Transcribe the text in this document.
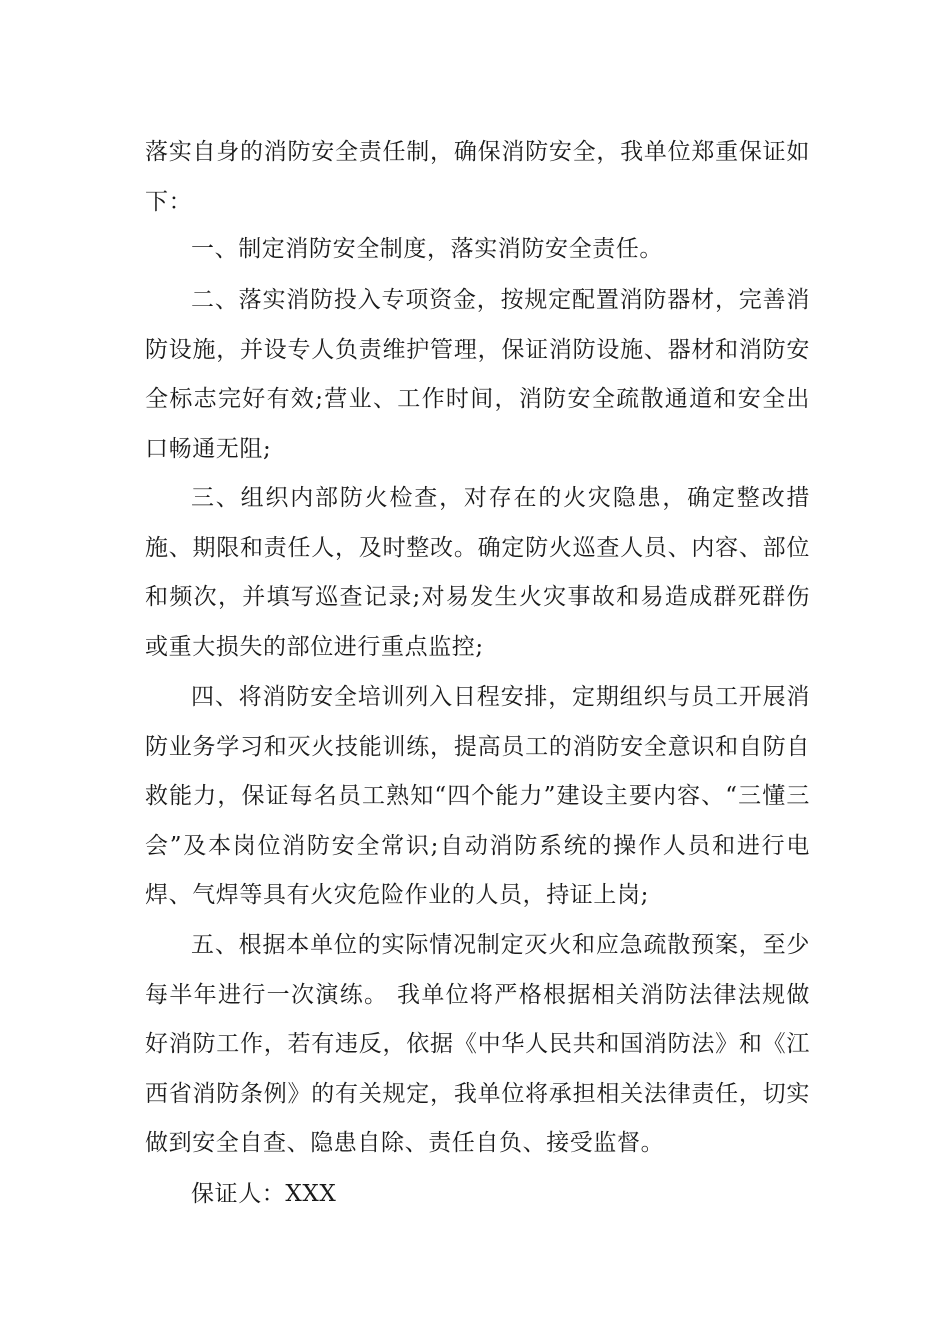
落实自身的消防安全责任制，确保消防安全，我单位郑重保证如下：

一、制定消防安全制度，落实消防安全责任。

二、落实消防投入专项资金，按规定配置消防器材，完善消防设施，并设专人负责维护管理，保证消防设施、器材和消防安全标志完好有效;营业、工作时间，消防安全疏散通道和安全出口畅通无阻;

三、组织内部防火检查，对存在的火灾隐患，确定整改措施、期限和责任人，及时整改。确定防火巡查人员、内容、部位和频次，并填写巡查记录;对易发生火灾事故和易造成群死群伤或重大损失的部位进行重点监控;

四、将消防安全培训列入日程安排，定期组织与员工开展消防业务学习和灭火技能训练，提高员工的消防安全意识和自防自救能力，保证每名员工熟知“四个能力”建设主要内容、“三懂三会”及本岗位消防安全常识;自动消防系统的操作人员和进行电焊、气焊等具有火灾危险作业的人员，持证上岗;

五、根据本单位的实际情况制定灭火和应急疏散预案，至少每半年进行一次演练。 我单位将严格根据相关消防法律法规做好消防工作，若有违反，依据《中华人民共和国消防法》和《江西省消防条例》的有关规定，我单位将承担相关法律责任，切实做到安全自查、隐患自除、责任自负、接受监督。

保证人：XXX
